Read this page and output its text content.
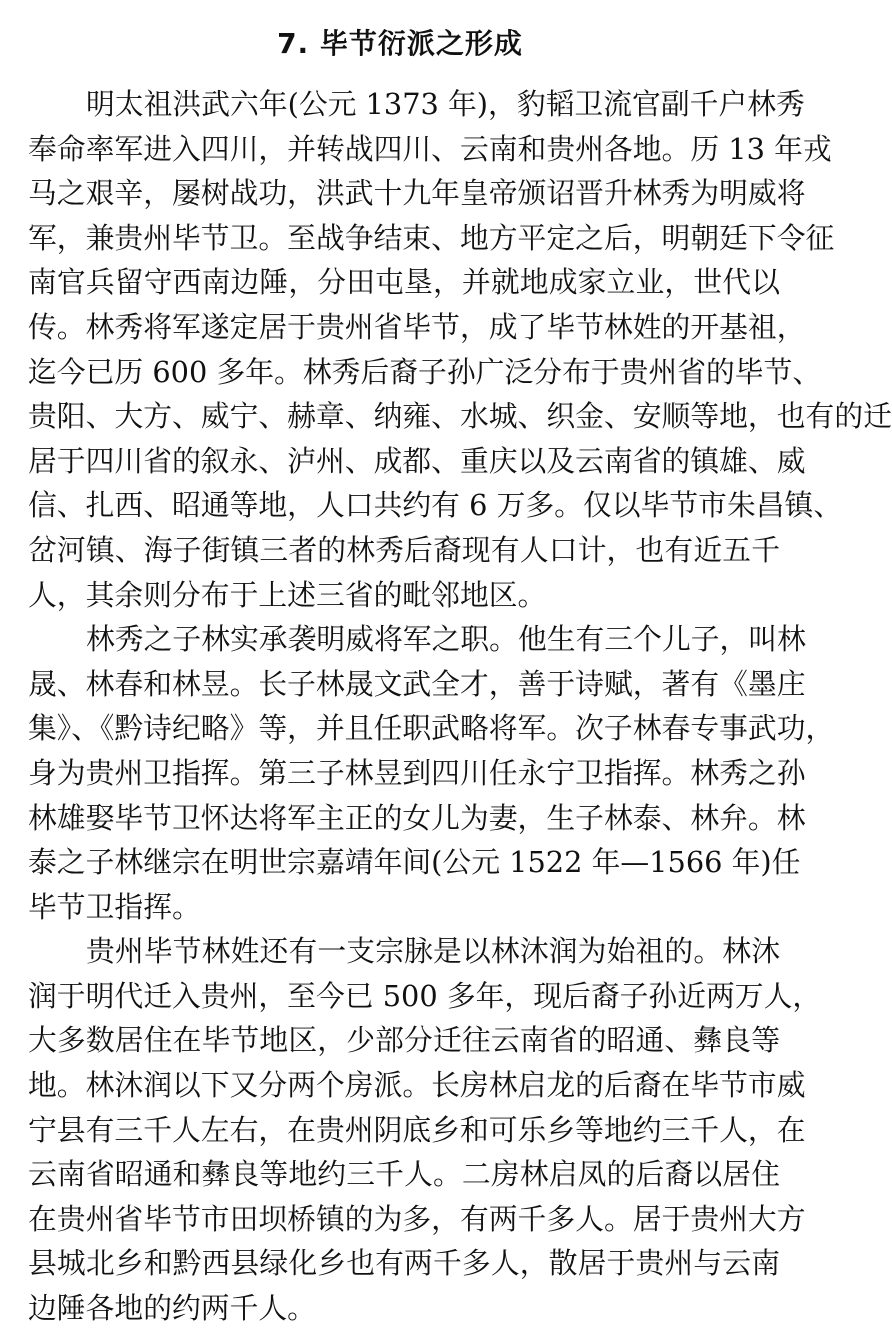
7. 毕节衍派之形成
明太祖洪武六年(公元 1373 年)，豹韬卫流官副千户林秀
奉命率军进入四川，并转战四川、云南和贵州各地。历 13 年戎
马之艰辛，屡树战功，洪武十九年皇帝颁诏晋升林秀为明威将
军，兼贵州毕节卫。至战争结束、地方平定之后，明朝廷下令征
南官兵留守西南边陲，分田屯垦，并就地成家立业，世代以
传。林秀将军遂定居于贵州省毕节，成了毕节林姓的开基祖，
迄今已历 600 多年。林秀后裔子孙广泛分布于贵州省的毕节、
贵阳、大方、威宁、赫章、纳雍、水城、织金、安顺等地，也有的迁
居于四川省的叙永、泸州、成都、重庆以及云南省的镇雄、威
信、扎西、昭通等地，人口共约有 6 万多。仅以毕节市朱昌镇、
岔河镇、海子街镇三者的林秀后裔现有人口计，也有近五千
人，其余则分布于上述三省的毗邻地区。
林秀之子林实承袭明威将军之职。他生有三个儿子，叫林
晟、林春和林昱。长子林晟文武全才，善于诗赋，著有《墨庄
集》、《黔诗纪略》等，并且任职武略将军。次子林春专事武功，
身为贵州卫指挥。第三子林昱到四川任永宁卫指挥。林秀之孙
林雄娶毕节卫怀达将军主正的女儿为妻，生子林泰、林弁。林
泰之子林继宗在明世宗嘉靖年间(公元 1522 年—1566 年)任
毕节卫指挥。
贵州毕节林姓还有一支宗脉是以林沐润为始祖的。林沐
润于明代迁入贵州，至今已 500 多年，现后裔子孙近两万人，
大多数居住在毕节地区，少部分迁往云南省的昭通、彝良等
地。林沐润以下又分两个房派。长房林启龙的后裔在毕节市威
宁县有三千人左右，在贵州阴底乡和可乐乡等地约三千人，在
云南省昭通和彝良等地约三千人。二房林启凤的后裔以居住
在贵州省毕节市田坝桥镇的为多，有两千多人。居于贵州大方
县城北乡和黔西县绿化乡也有两千多人，散居于贵州与云南
边陲各地的约两千人。
